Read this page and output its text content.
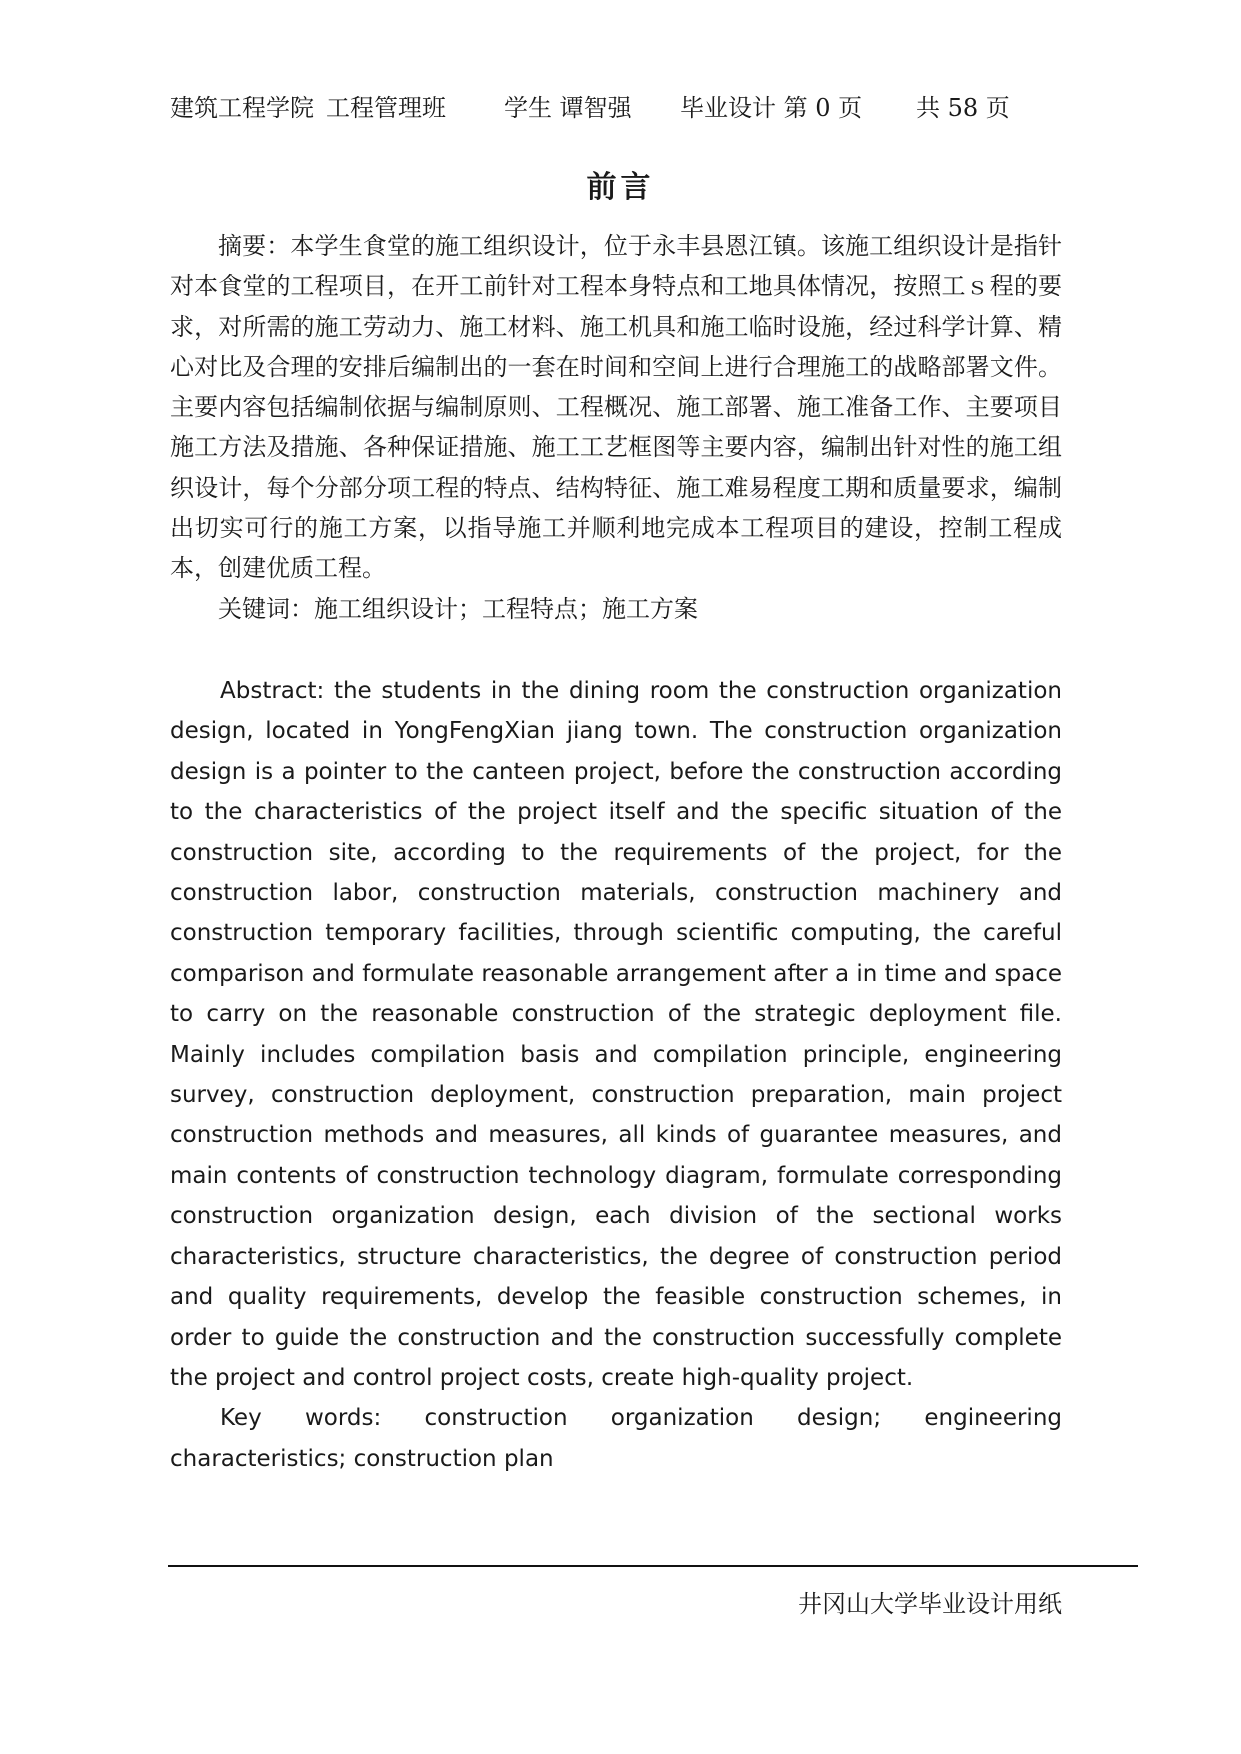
建筑工程学院 工程管理班 学生 谭智强 毕业设计 第 0 页 共 58 页
前言

摘要：本学生食堂的施工组织设计，位于永丰县恩江镇。该施工组织设计是指针对本食堂的工程项目，在开工前针对工程本身特点和工地具体情况，按照工ｓ程的要求，对所需的施工劳动力、施工材料、施工机具和施工临时设施，经过科学计算、精心对比及合理的安排后编制出的一套在时间和空间上进行合理施工的战略部署文件。主要内容包括编制依据与编制原则、工程概况、施工部署、施工准备工作、主要项目施工方法及措施、各种保证措施、施工工艺框图等主要内容，编制出针对性的施工组织设计，每个分部分项工程的特点、结构特征、施工难易程度工期和质量要求，编制出切实可行的施工方案，以指导施工并顺利地完成本工程项目的建设，控制工程成本，创建优质工程。

关键词：施工组织设计；工程特点；施工方案

Abstract: the students in the dining room the construction organization design, located in YongFengXian jiang town. The construction organization design is a pointer to the canteen project, before the construction according to the characteristics of the project itself and the specific situation of the construction site, according to the requirements of the project, for the construction labor, construction materials, construction machinery and construction temporary facilities, through scientific computing, the careful comparison and formulate reasonable arrangement after a in time and space to carry on the reasonable construction of the strategic deployment file. Mainly includes compilation basis and compilation principle, engineering survey, construction deployment, construction preparation, main project construction methods and measures, all kinds of guarantee measures, and main contents of construction technology diagram, formulate corresponding construction organization design, each division of the sectional works characteristics, structure characteristics, the degree of construction period and quality requirements, develop the feasible construction schemes, in order to guide the construction and the construction successfully complete the project and control project costs, create high-quality project.

Key words: construction organization design; engineering characteristics; construction plan

井冈山大学毕业设计用纸
